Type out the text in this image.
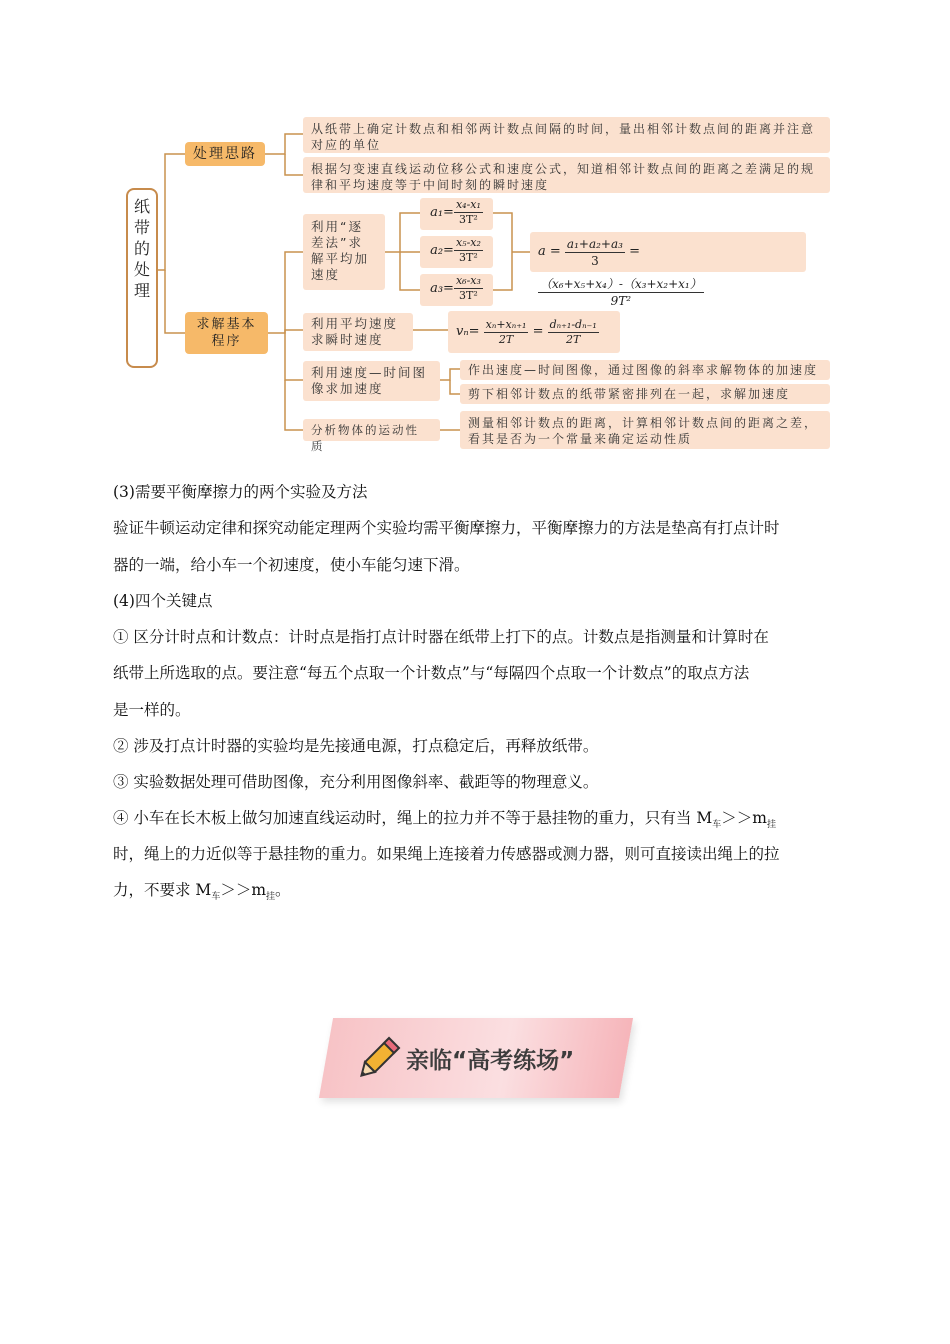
纸带的处理
处理思路
从纸带上确定计数点和相邻两计数点间隔的时间，量出相邻计数点间的距离并注意对应的单位
根据匀变速直线运动位移公式和速度公式，知道相邻计数点间的距离之差满足的规律和平均速度等于中间时刻的瞬时速度
求解基本程序
利用“逐差法”求解平均加速度
$a_1= \frac{\text{x₄-x₁}}{\text{3T²}}$
$a_2= \frac{\text{x₅-x₂}}{\text{3T²}}$
$a_3= \frac{\text{x₆-x₃}}{\text{3T²}}$
$a = \frac{\text{a₁+a₂+a₃}}{3}$ =
$\frac{\text{（x₆+x₅+x₄）-（x₃+x₂+x₁）}}{\text{9T²}}$
利用平均速度求瞬时速度
$v_n= \frac{\text{xₙ+xₙ₊₁}}{2T} = \frac{\text{dₙ₊₁-dₙ₋₁}}{2T}$
利用速度—时间图像求加速度
作出速度—时间图像，通过图像的斜率求解物体的加速度
剪下相邻计数点的纸带紧密排列在一起，求解加速度
分析物体的运动性质
测量相邻计数点的距离，计算相邻计数点间的距离之差，看其是否为一个常量来确定运动性质
(3)需要平衡摩擦力的两个实验及方法
验证牛顿运动定律和探究动能定理两个实验均需平衡摩擦力，平衡摩擦力的方法是垫高有打点计时
器的一端，给小车一个初速度，使小车能匀速下滑。
(4)四个关键点
① 区分计时点和计数点：计时点是指打点计时器在纸带上打下的点。计数点是指测量和计算时在
纸带上所选取的点。要注意“每五个点取一个计数点”与“每隔四个点取一个计数点”的取点方法
是一样的。
② 涉及打点计时器的实验均是先接通电源，打点稳定后，再释放纸带。
③ 实验数据处理可借助图像，充分利用图像斜率、截距等的物理意义。
④ 小车在长木板上做匀加速直线运动时，绳上的拉力并不等于悬挂物的重力，只有当 $M_车>>m_挂$
时，绳上的力近似等于悬挂物的重力。如果绳上连接着力传感器或测力器，则可直接读出绳上的拉
力，不要求 $M_车>>m_挂$。
亲临“高考练场”
